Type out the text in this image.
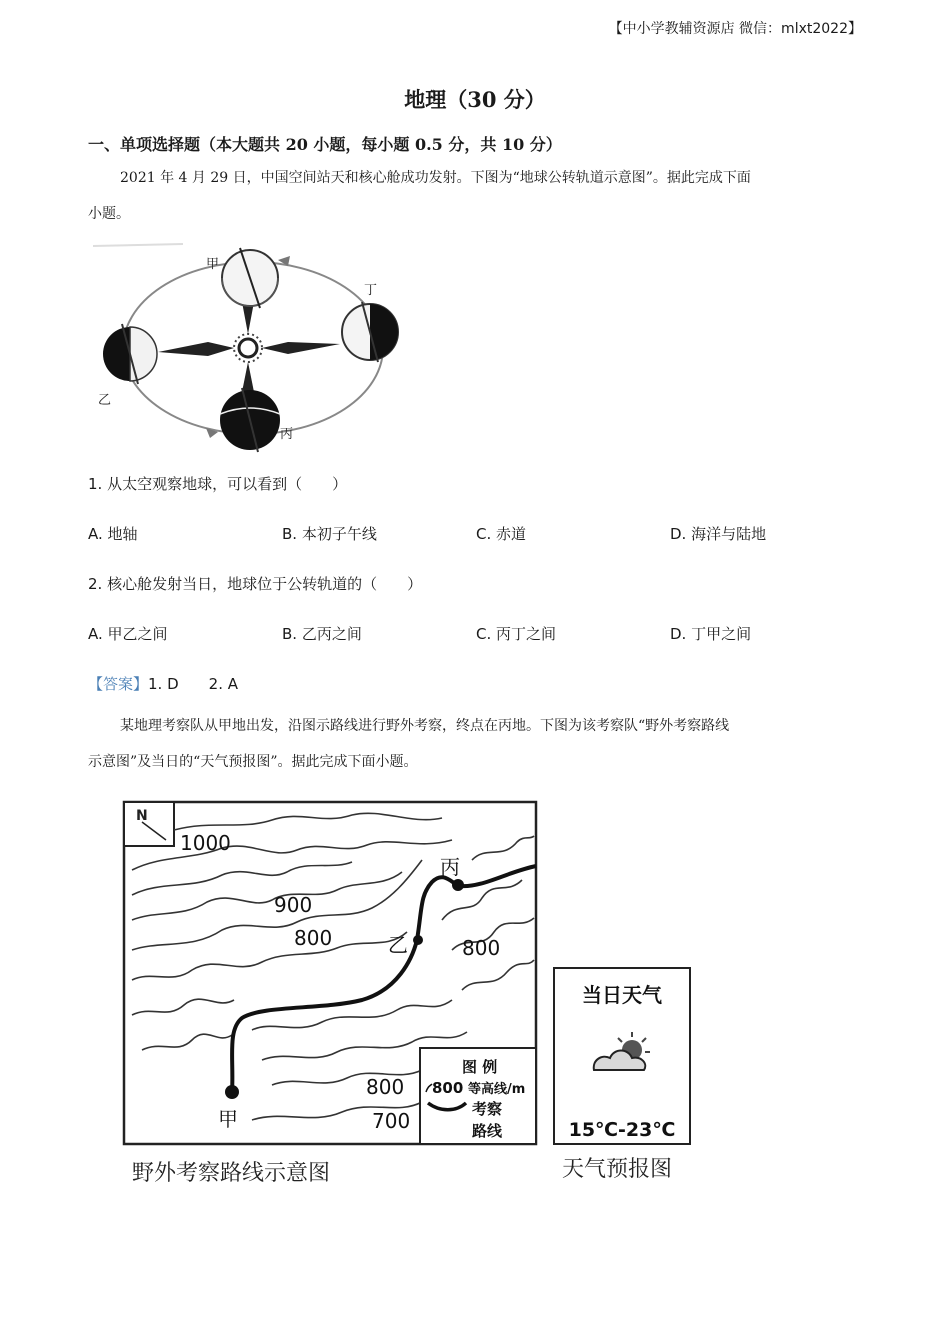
【中小学教辅资源店 微信：mlxt2022】
地理（30 分）
一、单项选择题（本大题共 20 小题，每小题 0.5 分，共 10 分）
2021 年 4 月 29 日，中国空间站天和核心舱成功发射。下图为“地球公转轨道示意图”。据此完成下面
小题。
甲
乙
丙
丁
1. 从太空观察地球，可以看到（　　）
A. 地轴	B. 本初子午线	C. 赤道	D. 海洋与陆地
2. 核心舱发射当日，地球位于公转轨道的（　　）
A. 甲乙之间	B. 乙丙之间	C. 丙丁之间	D. 丁甲之间
【答案】1. D 2. A
某地理考察队从甲地出发，沿图示路线进行野外考察，终点在丙地。下图为该考察队“野外考察路线
示意图”及当日的“天气预报图”。据此完成下面小题。
N
甲
乙
丙
1000
900
800	800
800
700
图 例
800 等高线/m
考察
路线
野外考察路线示意图
当日天气
15℃-23℃
天气预报图
